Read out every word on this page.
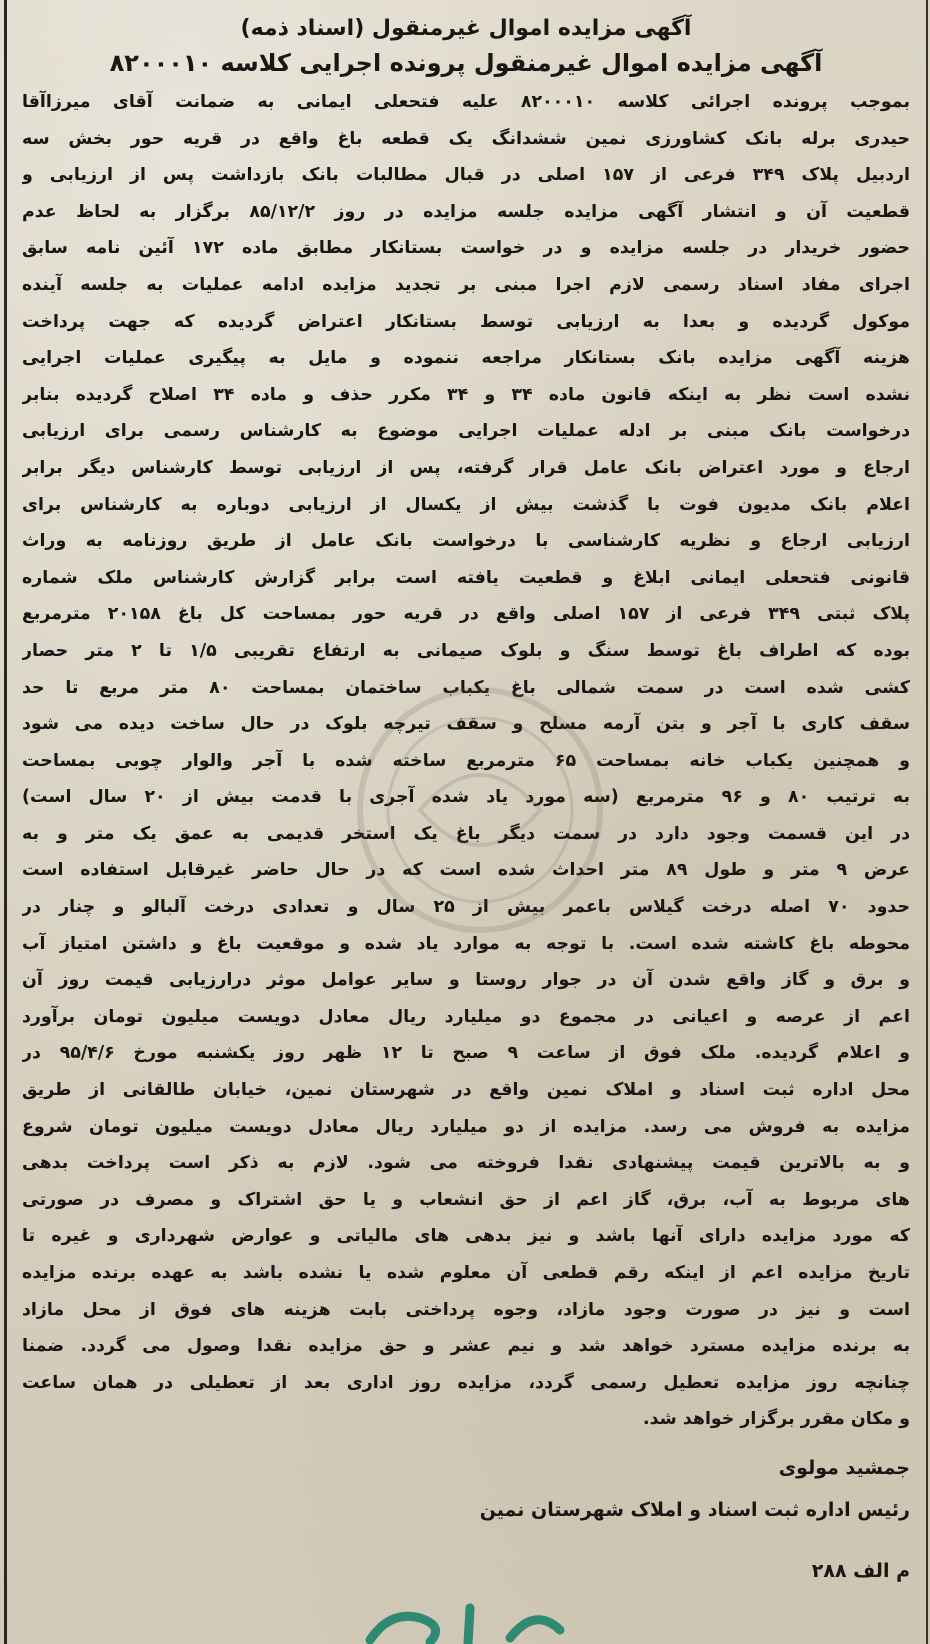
آگهی مزایده اموال غیرمنقول (اسناد ذمه)
آگهی مزایده اموال غیرمنقول پرونده اجرایی کلاسه ۸۲۰۰۰۱۰
بموجب پرونده اجرائی کلاسه ۸۲۰۰۰۱۰ علیه فتحعلی ایمانی به ضمانت آقای میرزاآقا
حیدری برله بانک کشاورزی نمین ششدانگ یک قطعه باغ واقع در قریه حور بخش سه
اردبیل پلاک ۳۴۹ فرعی از ۱۵۷ اصلی در قبال مطالبات بانک بازداشت پس از ارزیابی و
قطعیت آن و انتشار آگهی مزایده جلسه مزایده در روز ۸۵/۱۲/۲ برگزار به لحاظ عدم
حضور خریدار در جلسه مزایده و در خواست بستانکار مطابق ماده ۱۷۲ آئین نامه سابق
اجرای مفاد اسناد رسمی لازم اجرا مبنی بر تجدید مزایده ادامه عملیات به جلسه آینده
موکول گردیده و بعدا به ارزیابی توسط بستانکار اعتراض گردیده که جهت پرداخت
هزینه آگهی مزایده بانک بستانکار مراجعه ننموده و مایل به پیگیری عملیات اجرایی
نشده است نظر به اینکه قانون ماده ۳۴ و ۳۴ مکرر حذف و ماده ۳۴ اصلاح گردیده بنابر
درخواست بانک مبنی بر ادله عملیات اجرایی موضوع به کارشناس رسمی برای ارزیابی
ارجاع و مورد اعتراض بانک عامل قرار گرفته، پس از ارزیابی توسط کارشناس دیگر برابر
اعلام بانک مدیون فوت با گذشت بیش از یکسال از ارزیابی دوباره به کارشناس برای
ارزیابی ارجاع و نظریه کارشناسی با درخواست بانک عامل از طریق روزنامه به وراث
قانونی فتحعلی ایمانی ابلاغ و قطعیت یافته است برابر گزارش کارشناس ملک شماره
پلاک ثبتی ۳۴۹ فرعی از ۱۵۷ اصلی واقع در قریه حور بمساحت کل باغ ۲۰۱۵۸ مترمربع
بوده که اطراف باغ توسط سنگ و بلوک صیمانی به ارتفاع تقریبی ۱/۵ تا ۲ متر حصار
کشی شده است در سمت شمالی باغ یکباب ساختمان بمساحت ۸۰ متر مربع تا حد
سقف کاری با آجر و بتن آرمه مسلح و سقف تیرچه بلوک در حال ساخت دیده می شود
و همچنین یکباب خانه بمساحت ۶۵ مترمربع ساخته شده با آجر والوار چوبی بمساحت
به ترتیب ۸۰ و ۹۶ مترمربع (سه مورد یاد شده آجری با قدمت بیش از ۲۰ سال است)
در این قسمت وجود دارد در سمت دیگر باغ یک استخر قدیمی به عمق یک متر و به
عرض ۹ متر و طول ۸۹ متر احداث شده است که در حال حاضر غیرقابل استفاده است
حدود ۷۰ اصله درخت گیلاس باعمر بیش از ۲۵ سال و تعدادی درخت آلبالو و چنار در
محوطه باغ کاشته شده است. با توجه به موارد یاد شده و موقعیت باغ و داشتن امتیاز آب
و برق و گاز واقع شدن آن در جوار روستا و سایر عوامل موثر درارزیابی قیمت روز آن
اعم از عرصه و اعیانی در مجموع دو میلیارد ریال معادل دویست میلیون تومان برآورد
و اعلام گردیده. ملک فوق از ساعت ۹ صبح تا ۱۲ ظهر روز یکشنبه مورخ ۹۵/۴/۶ در
محل اداره ثبت اسناد و املاک نمین واقع در شهرستان نمین، خیابان طالقانی از طریق
مزایده به فروش می رسد. مزایده از دو میلیارد ریال معادل دویست میلیون تومان شروع
و به بالاترین قیمت پیشنهادی نقدا فروخته می شود. لازم به ذکر است پرداخت بدهی
های مربوط به آب، برق، گاز اعم از حق انشعاب و یا حق اشتراک و مصرف در صورتی
که مورد مزایده دارای آنها باشد و نیز بدهی های مالیاتی و عوارض شهرداری و غیره تا
تاریخ مزایده اعم از اینکه رقم قطعی آن معلوم شده یا نشده باشد به عهده برنده مزایده
است و نیز در صورت وجود مازاد، وجوه پرداختی بابت هزینه های فوق از محل مازاد
به برنده مزایده مسترد خواهد شد و نیم عشر و حق مزایده نقدا وصول می گردد. ضمنا
چنانچه روز مزایده تعطیل رسمی گردد، مزایده روز اداری بعد از تعطیلی در همان ساعت
و مکان مقرر برگزار خواهد شد.
جمشید مولوی
رئیس اداره ثبت اسناد و املاک شهرستان نمین
م الف ۲۸۸
